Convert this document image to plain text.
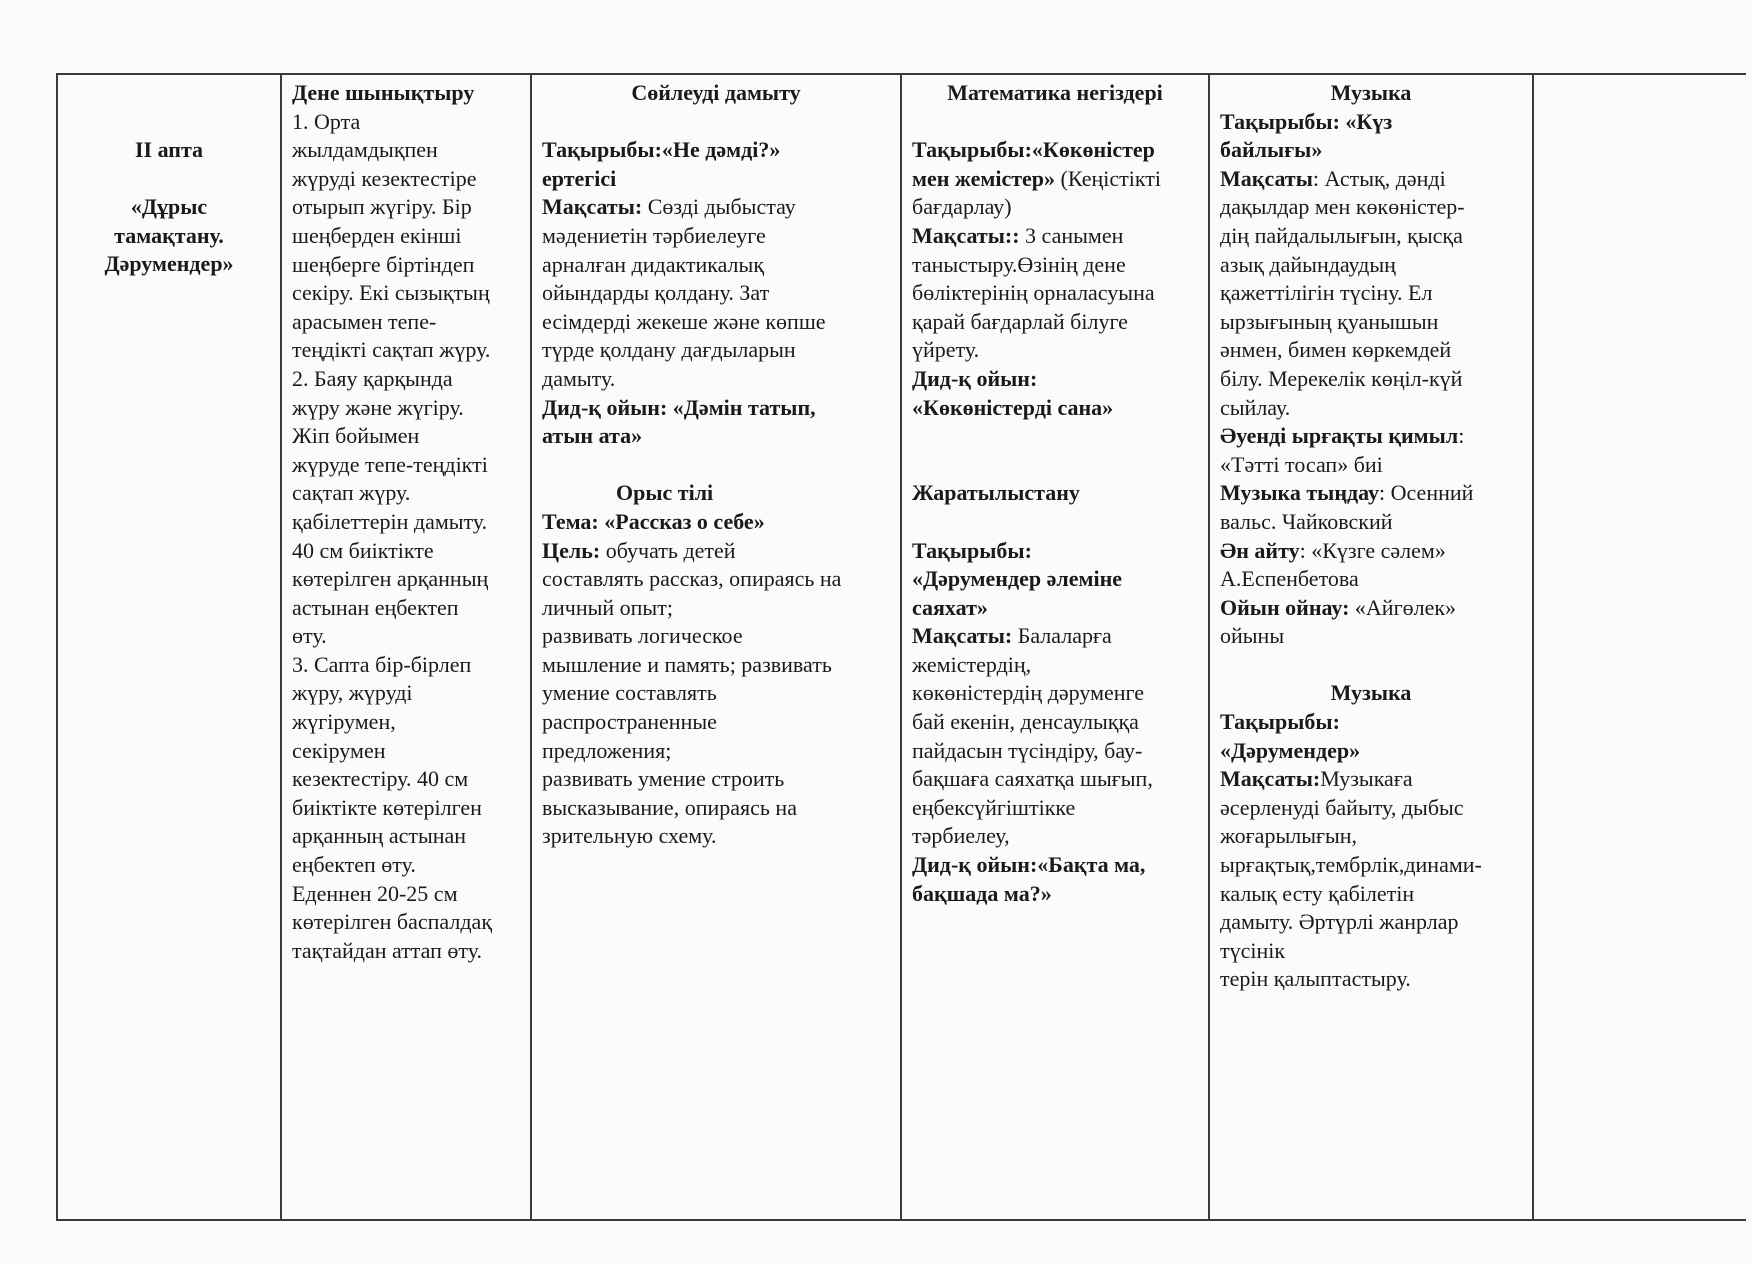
II апта
«Дұрыс
тамақтану.
Дәрумендер»
Дене шынықтыру
1. Орта
жылдамдықпен
жүруді кезектестіре
отырып жүгіру. Бір
шеңберден екінші
шеңберге біртіндеп
секіру. Екі сызықтың
арасымен тепе-
теңдікті сақтап жүру.
2. Баяу қарқында
жүру және жүгіру.
Жіп бойымен
жүруде тепе-теңдікті
сақтап жүру.
қабілеттерін дамыту.
40 см биіктікте
көтерілген арқанның
астынан еңбектеп
өту.
3. Сапта бір-бірлеп
жүру, жүруді
жүгірумен,
секірумен
кезектестіру. 40 см
биіктікте көтерілген
арқанның астынан
еңбектеп өту.
Еденнен 20-25 см
көтерілген баспалдақ
тақтайдан аттап өту.
Сөйлеуді дамыту
Тақырыбы:«Не дәмді?»
ертегісі
Мақсаты: Сөзді дыбыстау
мәдениетін тәрбиелеуге
арналған дидактикалық
ойындарды қолдану. Зат
есімдерді жекеше және көпше
түрде қолдану дағдыларын
дамыту.
Дид-қ ойын: «Дәмін татып,
атын ата»
Орыс тілі
Тема: «Рассказ о себе»
Цель: обучать детей
составлять рассказ, опираясь на
личный опыт;
развивать логическое
мышление и память; развивать
умение составлять
распространенные
предложения;
развивать умение строить
высказывание, опираясь на
зрительную схему.
Математика негіздері
Тақырыбы:«Көкөністер
мен жемістер» (Кеңістікті
бағдарлау)
Мақсаты:: 3 санымен
таныстыру.Өзінің дене
бөліктерінің орналасуына
қарай бағдарлай білуге
үйрету.
Дид-қ ойын:
«Көкөністерді сана»
Жаратылыстану
Тақырыбы:
«Дәрумендер әлеміне
саяхат»
Мақсаты: Балаларға
жемістердің,
көкөністердің дәруменге
бай екенін, денсаулыққа
пайдасын түсіндіру, бау-
бақшаға саяхатқа шығып,
еңбексүйгіштікке
тәрбиелеу,
Дид-қ ойын:«Бақта ма,
бақшада ма?»
Музыка
Тақырыбы: «Күз
байлығы»
Мақсаты: Астық, дәнді
дақылдар мен көкөністер-
дің пайдалылығын, қысқа
азық дайындаудың
қажеттілігін түсіну. Ел
ырзығының қуанышын
әнмен, бимен көркемдей
білу. Мерекелік көңіл-күй
сыйлау.
Әуенді ырғақты қимыл:
«Тәтті тосап» биі
Музыка тыңдау: Осенний
вальс. Чайковский
Ән айту: «Күзге сәлем»
А.Еспенбетова
Ойын ойнау: «Айгөлек»
ойыны
Музыка
Тақырыбы:
«Дәрумендер»
Мақсаты:Музыкаға
әсерленуді байыту, дыбыс
жоғарылығын,
ырғақтық,тембрлік,динами-
калық есту қабілетін
дамыту. Әртүрлі жанрлар
түсінік
терін қалыптастыру.
